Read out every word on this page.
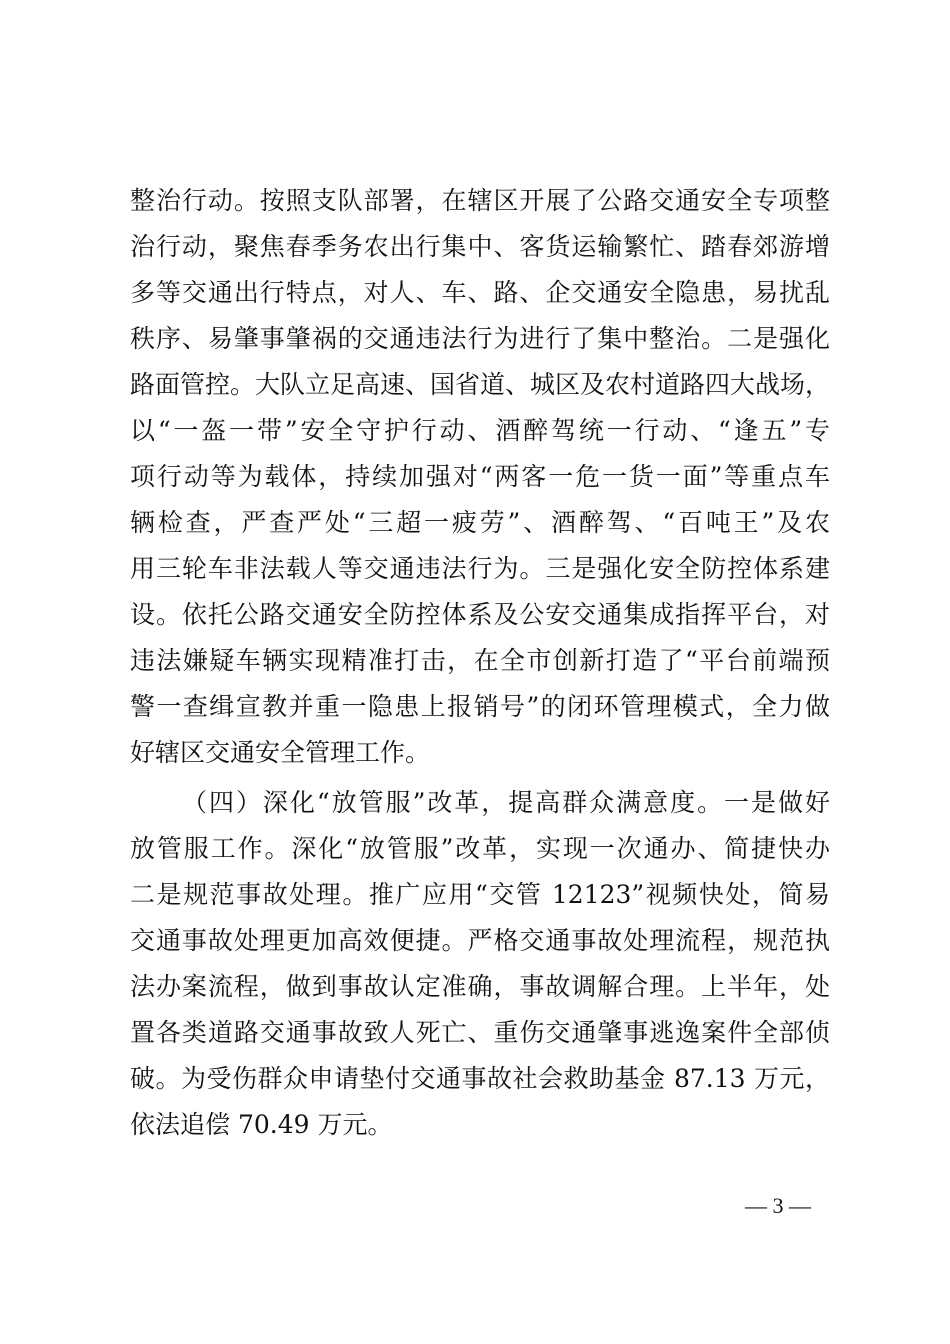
整治行动。按照支队部署，在辖区开展了公路交通安全专项整
治行动，聚焦春季务农出行集中、客货运输繁忙、踏春郊游增
多等交通出行特点，对人、车、路、企交通安全隐患，易扰乱
秩序、易肇事肇祸的交通违法行为进行了集中整治。二是强化
路面管控。大队立足高速、国省道、城区及农村道路四大战场，
以“一盔一带”安全守护行动、酒醉驾统一行动、“逢五”专
项行动等为载体，持续加强对“两客一危一货一面”等重点车
辆检查，严查严处“三超一疲劳”、酒醉驾、“百吨王”及农
用三轮车非法载人等交通违法行为。三是强化安全防控体系建
设。依托公路交通安全防控体系及公安交通集成指挥平台，对
违法嫌疑车辆实现精准打击，在全市创新打造了“平台前端预
警一查缉宣教并重一隐患上报销号”的闭环管理模式，全力做
好辖区交通安全管理工作。
（四）深化“放管服”改革，提高群众满意度。一是做好
放管服工作。深化“放管服”改革，实现一次通办、简捷快办
二是规范事故处理。推广应用“交管 12123”视频快处，简易
交通事故处理更加高效便捷。严格交通事故处理流程，规范执
法办案流程，做到事故认定准确，事故调解合理。上半年，处
置各类道路交通事故致人死亡、重伤交通肇事逃逸案件全部侦
破。为受伤群众申请垫付交通事故社会救助基金 87.13 万元，
依法追偿 70.49 万元。
— 3 —
